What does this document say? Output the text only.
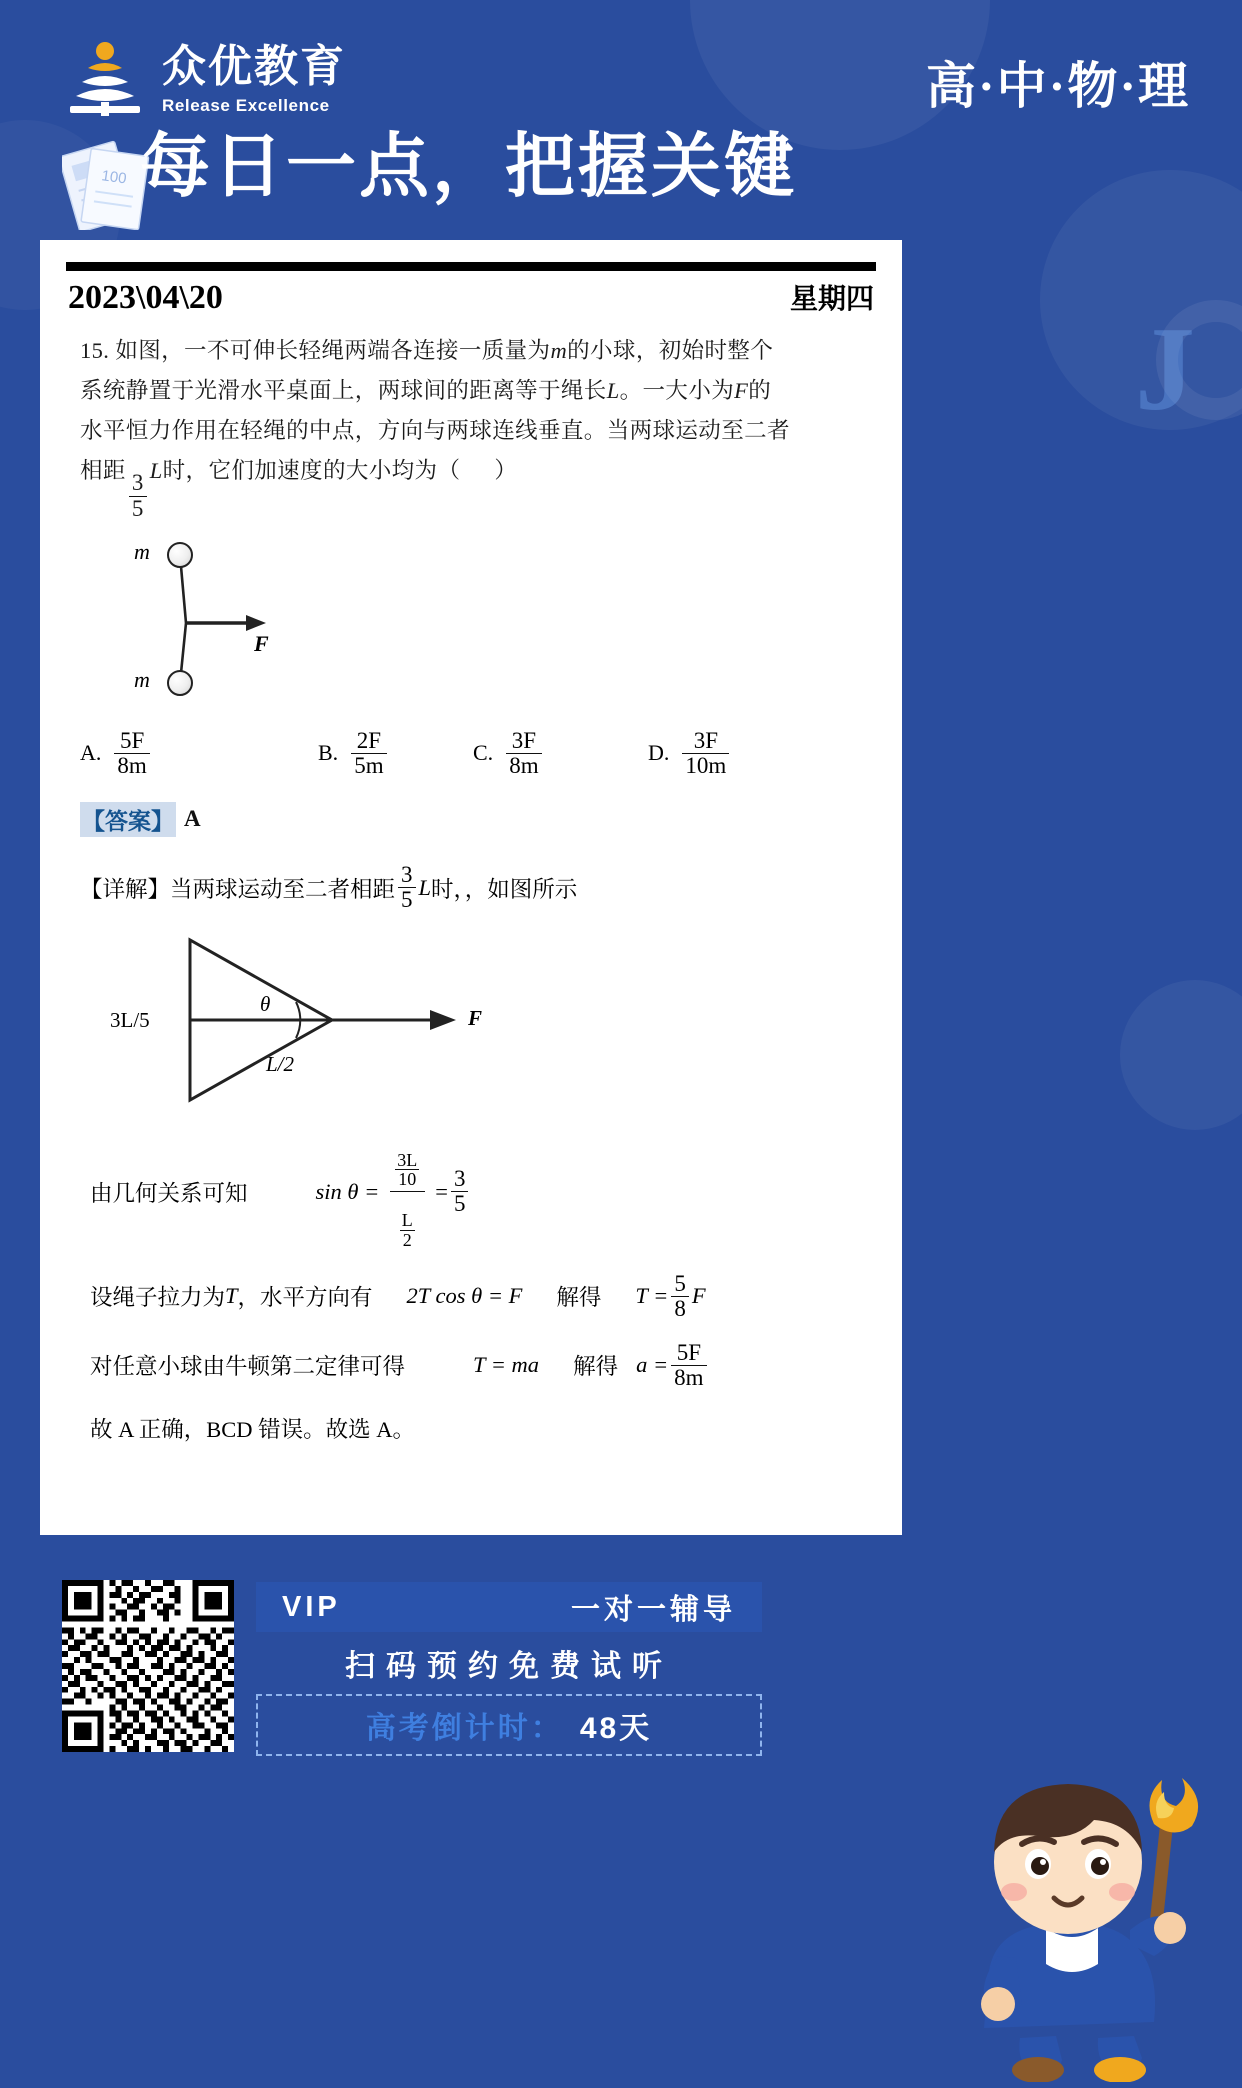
J
众优教育
Release Excellence	高·中·物·理
100 每日一点，把握关键
2023\04\20	星期四
15. 如图，一不可伸长轻绳两端各连接一质量为m的小球，初始时整个
系统静置于光滑水平桌面上，两球间的距离等于绳长L。一大小为F的
水平恒力作用在轻绳的中点，方向与两球连线垂直。当两球运动至二者
相距
$\frac{3}{5}$
L时，它们加速度的大小均为（ ）
m
m
F
A. $\frac{5F}{8m}$	B. $\frac{2F}{5m}$	C. $\frac{3F}{8m}$	D. $\frac{3F}{10m}$
【答案】 A
【详解】 当两球运动至二者相距 $\frac{3}{5}$ L 时，，如图所示
3L/5
θ
L/2
F
由几何关系可知	$\sin \theta = \frac{\frac{3L}{10}}{\frac{L}{2}} = \frac{3}{5}$
设绳子拉力为 T ，水平方向有 2T cos θ = F 解得 $T = \frac{5}{8}$ F
对任意小球由牛顿第二定律可得	T = ma 解得 $a = \frac{5F}{8m}$
故 A 正确，BCD 错误。故选 A。
VIP	一对一辅导
扫码预约免费试听
高考倒计时： 48天
